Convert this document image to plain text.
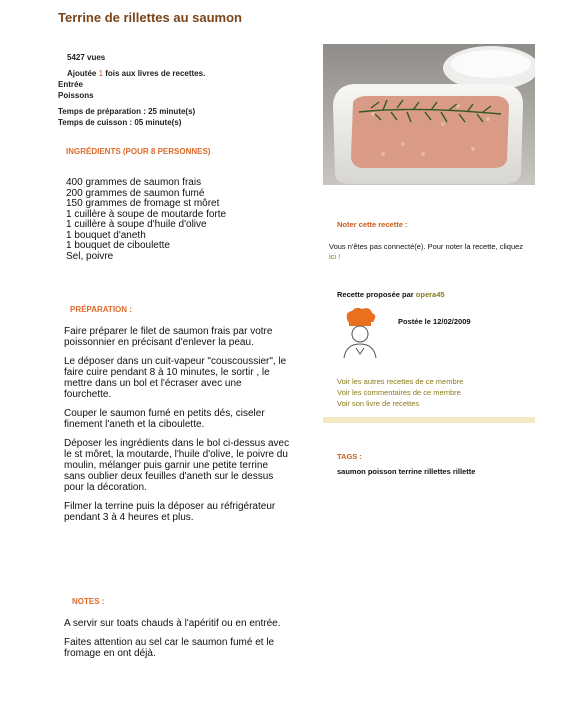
Terrine de rillettes au saumon
5427 vues
Ajoutée 1 fois aux livres de recettes.
Entrée
Poissons
Temps de préparation : 25 minute(s)
Temps de cuisson : 05 minute(s)
INGRÉDIENTS (POUR 8 PERSONNES)
400 grammes de saumon frais
200 grammes de saumon fumé
150 grammes de fromage st môret
1 cuillère à soupe de moutarde forte
1 cuillère à soupe d'huile d'olive
1 bouquet d'aneth
1 bouquet de ciboulette
Sel, poivre
PRÉPARATION :

Faire préparer le filet de saumon frais par votre poissonnier en précisant d'enlever la peau.

Le déposer dans un cuit-vapeur "couscoussier", le faire cuire pendant 8 à 10 minutes, le sortir , le mettre dans un bol et l'écraser avec une fourchette.

Couper le saumon fumé en petits dés, ciseler finement l'aneth et la ciboulette.

Déposer les ingrédients dans le bol ci-dessus avec le st môret, la moutarde, l'huile d'olive, le poivre du moulin, mélanger puis garnir une petite terrine sans oublier deux feuilles d'aneth sur le dessus pour la décoration.

Filmer la terrine puis la déposer au réfrigérateur pendant 3 à 4 heures et plus.

NOTES :

A servir sur toats chauds à l'apéritif ou en entrée.

Faites attention au sel car le saumon fumé et le fromage en ont déjà.

Noter cette recette :
Vous n'êtes pas connecté(e). Pour noter la recette, cliquez ici !
Recette proposée par opera45
Postée le 12/02/2009
Voir les autres recettes de ce membre
Voir les commentaires de ce membre
Voir son livre de recettes
TAGS :
saumon poisson terrine rillettes rillette
